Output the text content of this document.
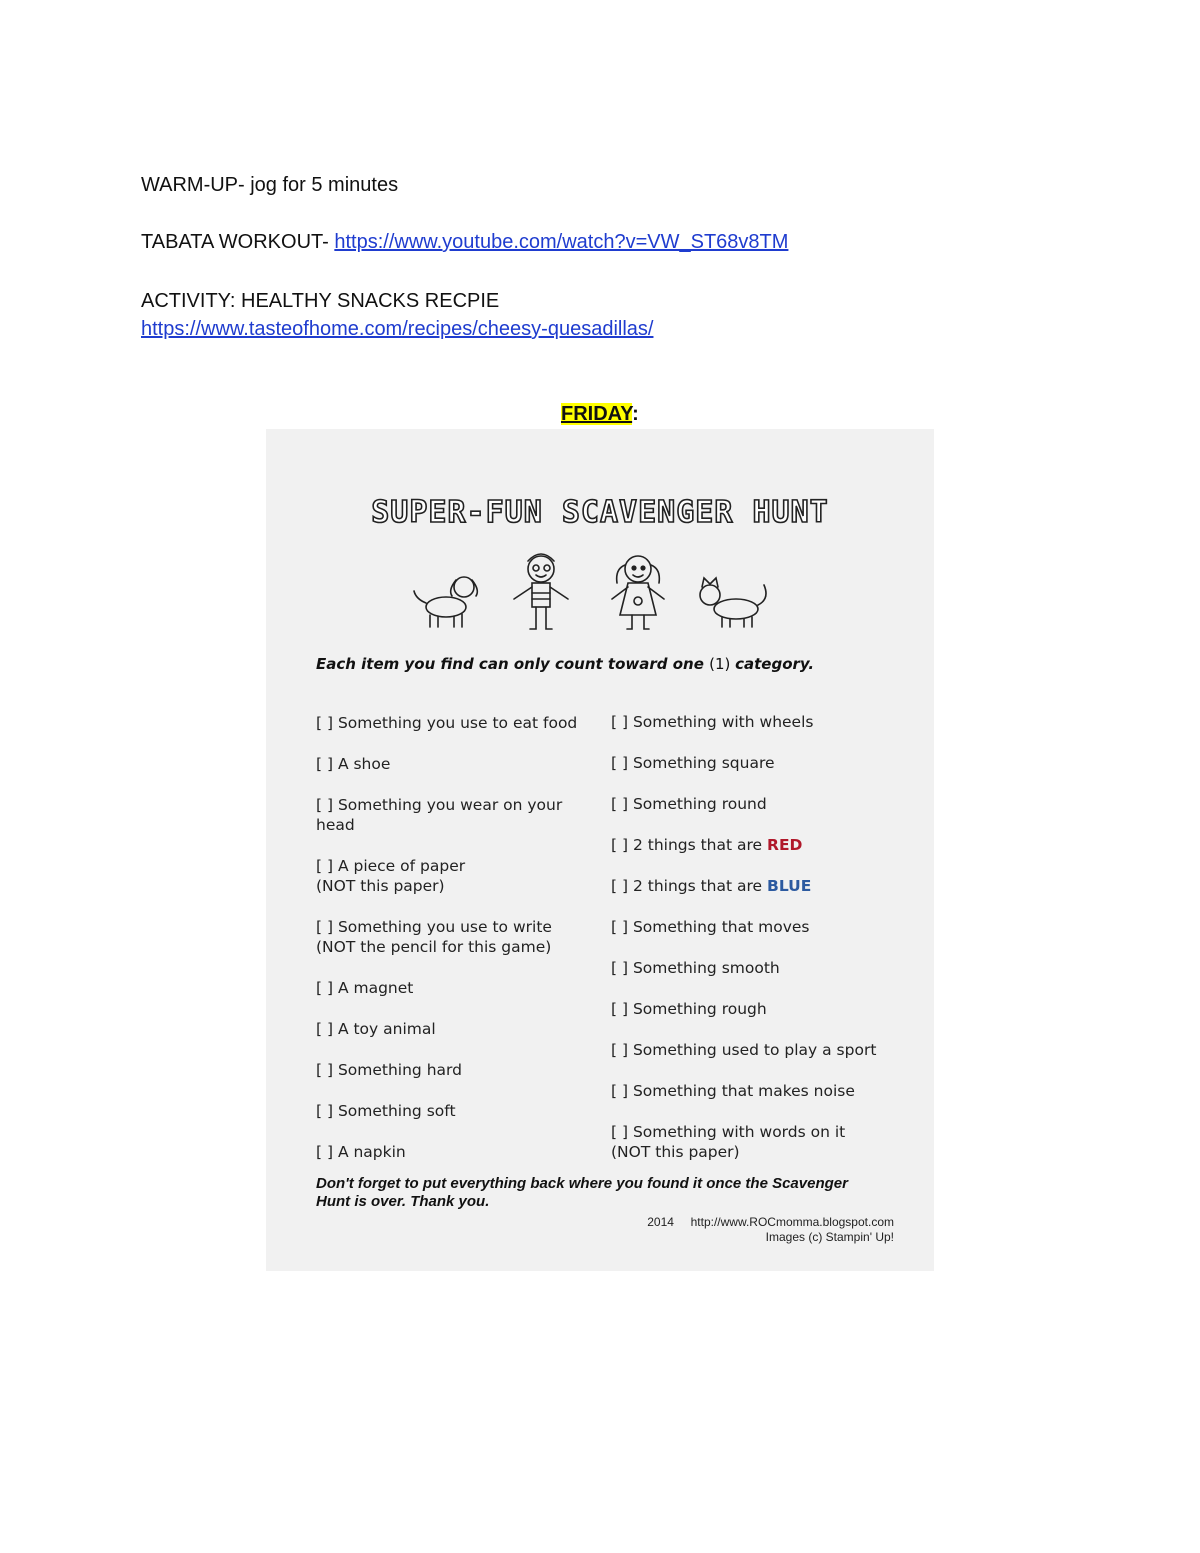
WARM-UP- jog for 5 minutes
TABATA WORKOUT- https://www.youtube.com/watch?v=VW_ST68v8TM
ACTIVITY: HEALTHY SNACKS RECPIE
https://www.tasteofhome.com/recipes/cheesy-quesadillas/
FRIDAY:
SUPER-FUN SCAVENGER HUNT
Each item you find can only count toward one (1) category.
[ ] Something you use to eat food
[ ] A shoe
[ ] Something you wear on your
head
[ ] A piece of paper
(NOT this paper)
[ ] Something you use to write
(NOT the pencil for this game)
[ ] A magnet
[ ] A toy animal
[ ] Something hard
[ ] Something soft
[ ] A napkin
[ ] Something with wheels
[ ] Something square
[ ] Something round
[ ] 2 things that are RED
[ ] 2 things that are BLUE
[ ] Something that moves
[ ] Something smooth
[ ] Something rough
[ ] Something used to play a sport
[ ] Something that makes noise
[ ] Something with words on it
(NOT this paper)
Don't forget to put everything back where you found it once the Scavenger Hunt is over. Thank you.
2014     http://www.ROCmomma.blogspot.com
Images (c) Stampin' Up!
